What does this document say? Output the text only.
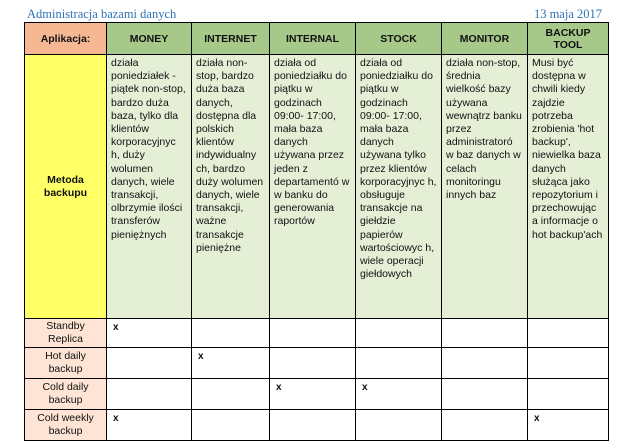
Administracja bazami danych	13 maja 2017
Aplikacja:	MONEY	INTERNET	INTERNAL	STOCK	MONITOR	BACKUP TOOL
Metoda backupu	działa poniedziałek - piątek non-stop, bardzo duża baza, tylko dla klientów korporacyjnyc h, duży wolumen danych, wiele transakcji, olbrzymie ilości transferów pieniężnych	działa non-stop, bardzo duża baza danych, dostępna dla polskich klientów indywidualny ch, bardzo duży wolumen danych, wiele transakcji, ważne transakcje pieniężne	działa od poniedziałku do piątku w godzinach 09:00- 17:00, mała baza danych używana przez jeden z departamentó w w banku do generowania raportów	działa od poniedziałku do piątku w godzinach 09:00- 17:00, mała baza danych używana tylko przez klientów korporacyjnyc h, obsługuje transakcje na giełdzie papierów wartościowyc h, wiele operacji giełdowych	działa non-stop, średnia wielkość bazy używana wewnątrz banku przez administratoró w baz danych w celach monitoringu innych baz	Musi być dostępna w chwili kiedy zajdzie potrzeba zrobienia 'hot backup', niewielka baza danych służąca jako repozytorium i przechowując a informacje o hot backup'ach
Standby Replica	x					
Hot daily backup		x				
Cold daily backup			x	x		
Cold weekly backup	x					x
